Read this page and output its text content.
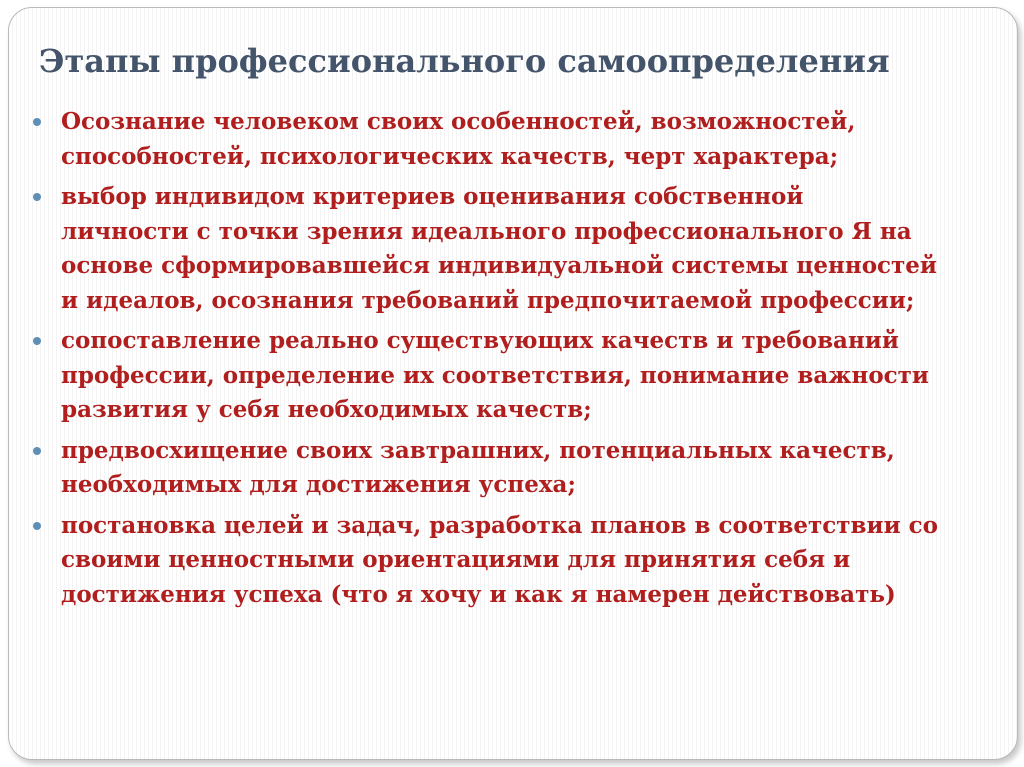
Этапы профессионального самоопределения
Осознание человеком своих особенностей, возможностей,
способностей, психологических качеств, черт характера;
выбор индивидом критериев оценивания собственной
личности с точки зрения идеального профессионального Я на
основе сформировавшейся индивидуальной системы ценностей
и идеалов, осознания требований предпочитаемой профессии;
сопоставление реально существующих качеств и требований
профессии, определение их соответствия, понимание важности
развития у себя необходимых качеств;
предвосхищение своих завтрашних, потенциальных качеств,
необходимых для достижения успеха;
постановка целей и задач, разработка планов в соответствии со
своими ценностными ориентациями для принятия себя и
достижения успеха (что я хочу и как я намерен действовать)
